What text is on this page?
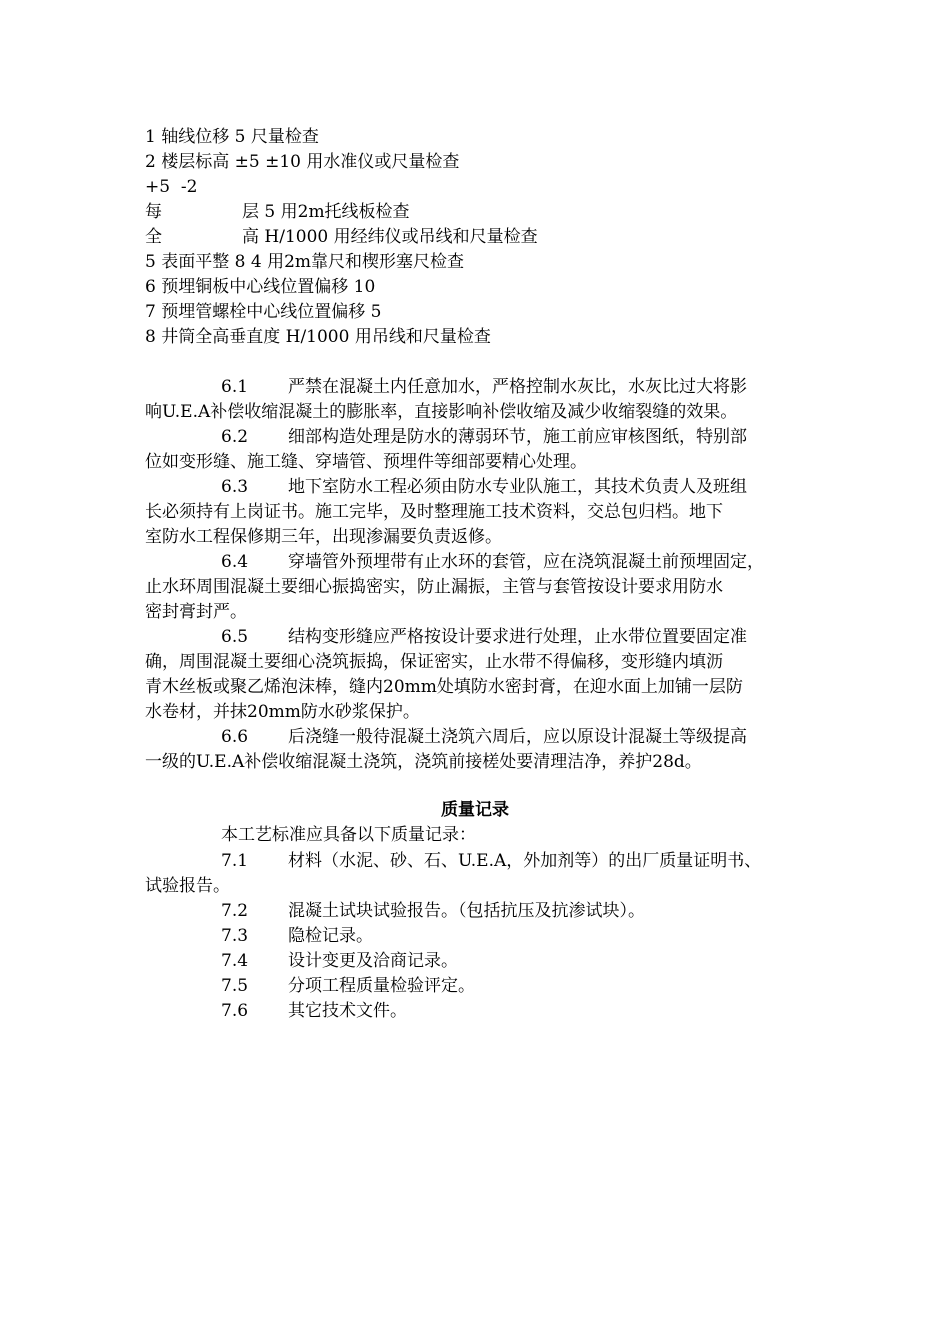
1 轴线位移 5 尺量检查
2 楼层标高 ±5 ±10 用水准仪或尺量检查
+5  -2
每	层 5 用2m托线板检查
全	高 H/1000 用经纬仪或吊线和尺量检查
5 表面平整 8 4 用2m靠尺和楔形塞尺检查
6 预埋铜板中心线位置偏移 10
7 预埋管螺栓中心线位置偏移 5
8 井筒全高垂直度 H/1000 用吊线和尺量检查
6.1 严禁在混凝土内任意加水，严格控制水灰比，水灰比过大将影
响U.E.A补偿收缩混凝土的膨胀率，直接影响补偿收缩及减少收缩裂缝的效果。
6.2 细部构造处理是防水的薄弱环节，施工前应审核图纸，特别部
位如变形缝、施工缝、穿墙管、预埋件等细部要精心处理。
6.3 地下室防水工程必须由防水专业队施工，其技术负责人及班组
长必须持有上岗证书。施工完毕，及时整理施工技术资料，交总包归档。地下
室防水工程保修期三年，出现渗漏要负责返修。
6.4 穿墙管外预埋带有止水环的套管，应在浇筑混凝土前预埋固定，
止水环周围混凝土要细心振捣密实，防止漏振，主管与套管按设计要求用防水
密封膏封严。
6.5 结构变形缝应严格按设计要求进行处理，止水带位置要固定准
确，周围混凝土要细心浇筑振捣，保证密实，止水带不得偏移，变形缝内填沥
青木丝板或聚乙烯泡沫棒，缝内20mm处填防水密封膏，在迎水面上加铺一层防
水卷材，并抹20mm防水砂浆保护。
6.6 后浇缝一般待混凝土浇筑六周后，应以原设计混凝土等级提高
一级的U.E.A补偿收缩混凝土浇筑，浇筑前接槎处要清理洁净，养护28d。
质量记录
本工艺标准应具备以下质量记录：
7.1 材料（水泥、砂、石、U.E.A，外加剂等）的出厂质量证明书、
试验报告。
7.2 混凝土试块试验报告。（包括抗压及抗渗试块）。
7.3 隐检记录。
7.4 设计变更及洽商记录。
7.5 分项工程质量检验评定。
7.6 其它技术文件。
